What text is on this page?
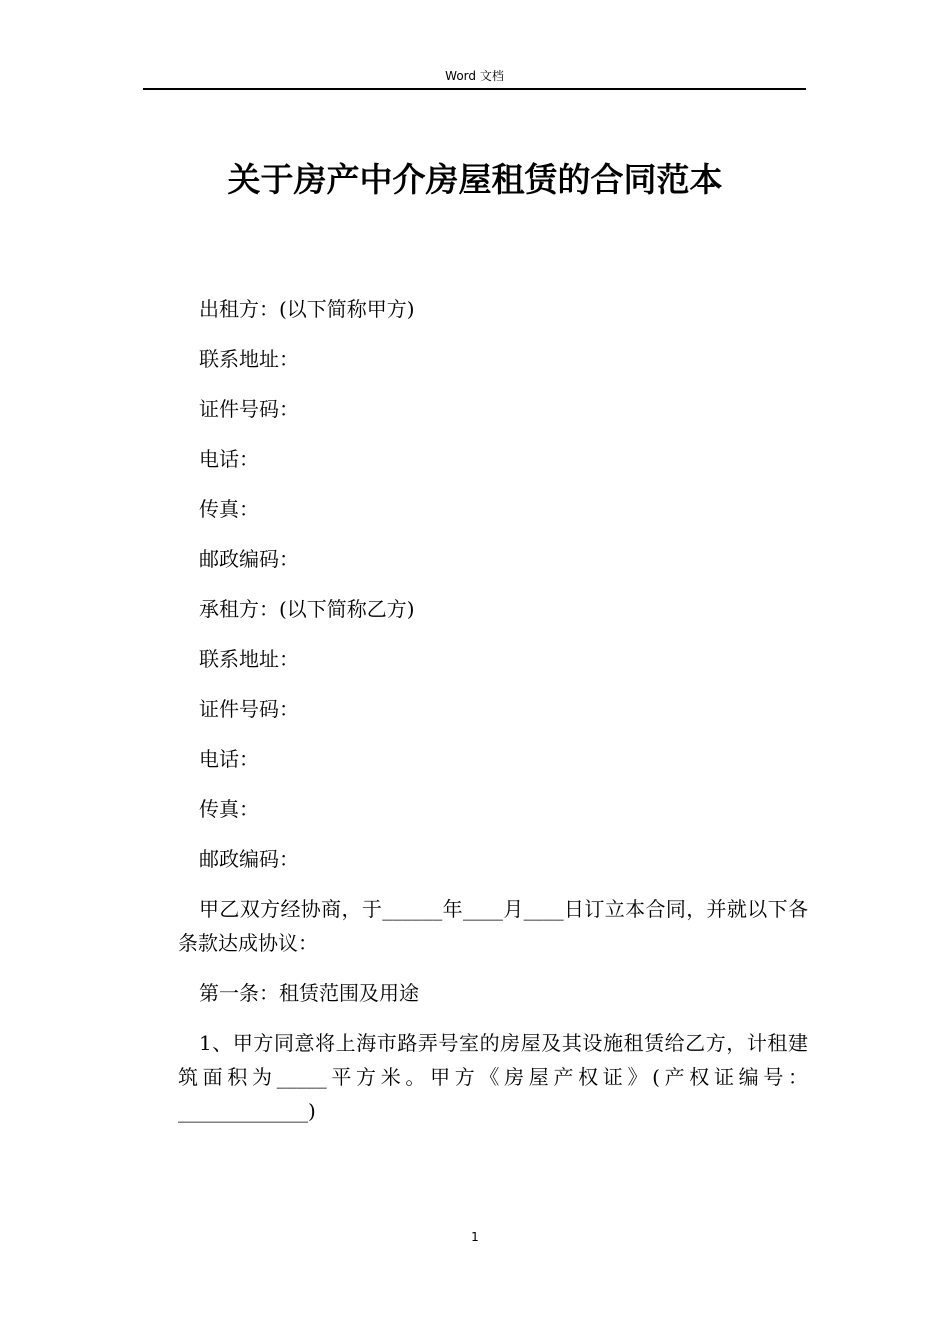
Word 文档
关于房产中介房屋租赁的合同范本

出租方：(以下简称甲方)

联系地址：

证件号码：

电话：

传真：

邮政编码：

承租方：(以下简称乙方)

联系地址：

证件号码：

电话：

传真：

邮政编码：

甲乙双方经协商，于______年____月____日订立本合同，并就以下各条款达成协议：

第一条：租赁范围及用途

1、甲方同意将上海市路弄号室的房屋及其设施租赁给乙方，计租建筑面积为_____平方米。甲方《房屋产权证》(产权证编号：_____________)

1
